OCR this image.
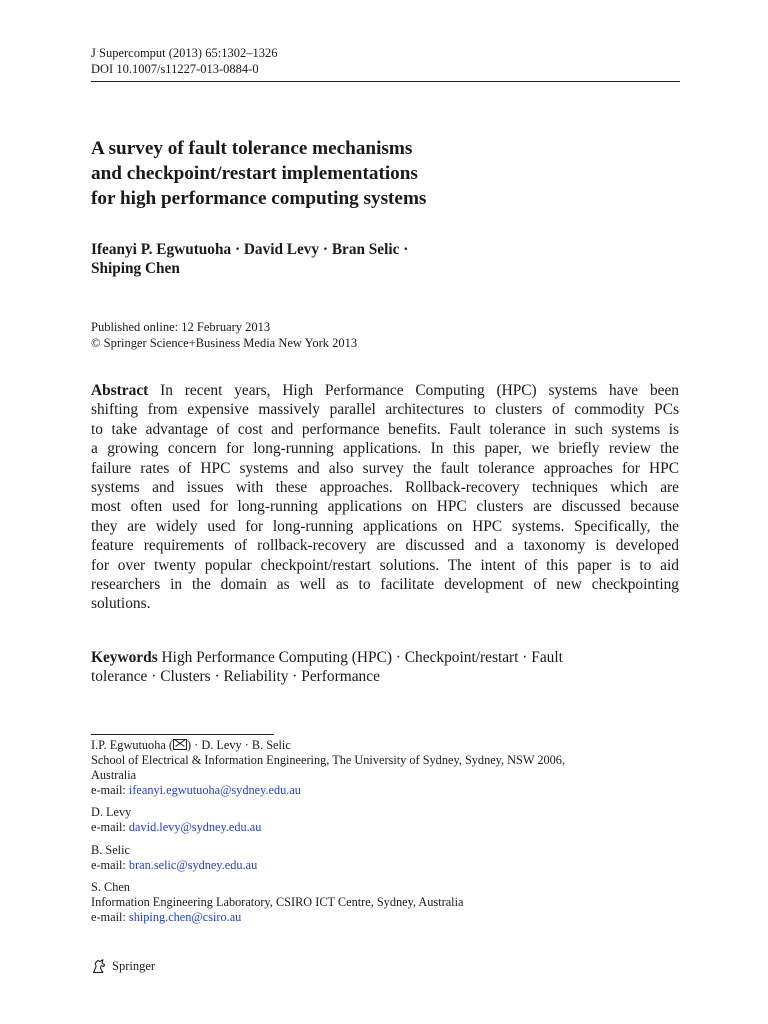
J Supercomput (2013) 65:1302–1326
DOI 10.1007/s11227-013-0884-0
A survey of fault tolerance mechanisms
and checkpoint/restart implementations
for high performance computing systems
Ifeanyi P. Egwutuoha · David Levy · Bran Selic ·
Shiping Chen
Published online: 12 February 2013
© Springer Science+Business Media New York 2013
Abstract In recent years, High Performance Computing (HPC) systems have been
shifting from expensive massively parallel architectures to clusters of commodity PCs
to take advantage of cost and performance benefits. Fault tolerance in such systems is
a growing concern for long-running applications. In this paper, we briefly review the
failure rates of HPC systems and also survey the fault tolerance approaches for HPC
systems and issues with these approaches. Rollback-recovery techniques which are
most often used for long-running applications on HPC clusters are discussed because
they are widely used for long-running applications on HPC systems. Specifically, the
feature requirements of rollback-recovery are discussed and a taxonomy is developed
for over twenty popular checkpoint/restart solutions. The intent of this paper is to aid
researchers in the domain as well as to facilitate development of new checkpointing
solutions.
Keywords High Performance Computing (HPC) · Checkpoint/restart · Fault
tolerance · Clusters · Reliability · Performance
I.P. Egwutuoha ( ) · D. Levy · B. Selic
School of Electrical & Information Engineering, The University of Sydney, Sydney, NSW 2006,
Australia
e-mail: ifeanyi.egwutuoha@sydney.edu.au
D. Levy
e-mail: david.levy@sydney.edu.au
B. Selic
e-mail: bran.selic@sydney.edu.au
S. Chen
Information Engineering Laboratory, CSIRO ICT Centre, Sydney, Australia
e-mail: shiping.chen@csiro.au
Springer
